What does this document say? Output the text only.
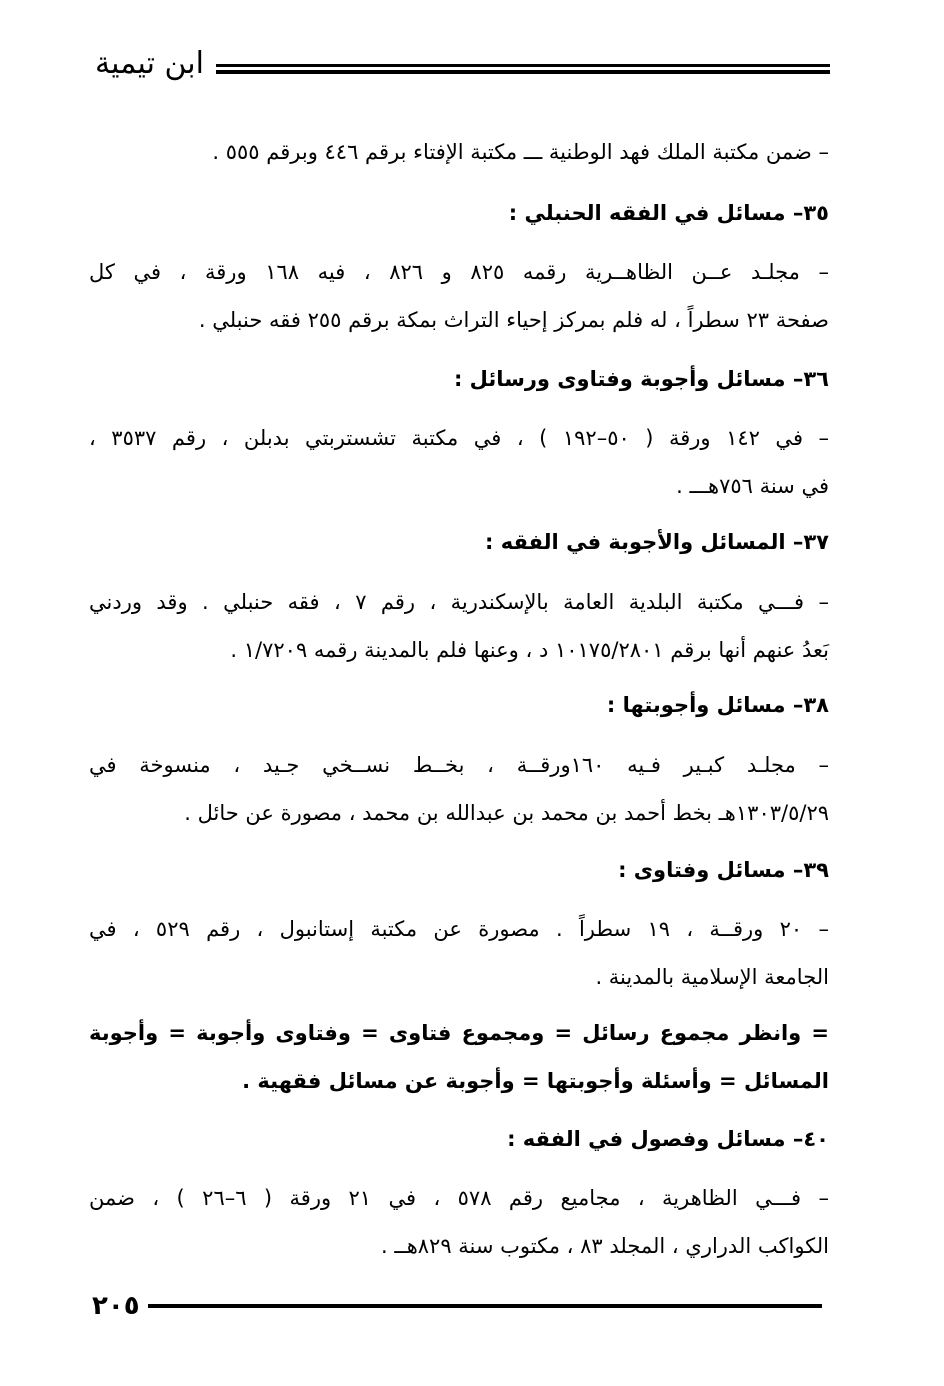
ابن تيمية
– ضمن مكتبة الملك فهد الوطنية ـــ مكتبة الإفتاء برقم ٤٤٦ وبرقم ٥٥٥ .
٣٥– مسائل في الفقه الحنبلي :
– مجلـد عــن الظاهــرية رقمه ٨٢٥ و ٨٢٦ ، فيه ١٦٨ ورقة ، في كل
صفحة ٢٣ سطراً ، له فلم بمركز إحياء التراث بمكة برقم ٢٥٥ فقه حنبلي .
٣٦– مسائل وأجوبة وفتاوى ورسائل :
– في ١٤٢ ورقة ( ٥٠–١٩٢ ) ، في مكتبة تشستربتي بدبلن ، رقم ٣٥٣٧ ،
في سنة ٧٥٦هـــ .
٣٧– المسائل والأجوبة في الفقه :
– فـــي مكتبة البلدية العامة بالإسكندرية ، رقم ٧ ، فقه حنبلي . وقد وردني
بَعدُ عنهم أنها برقم ١٠١٧٥/٢٨٠١ د ، وعنها فلم بالمدينة رقمه ١/٧٢٠٩ .
٣٨– مسائل وأجوبتها :
– مجلـد كبـير فـيه ١٦٠ورقــة ، بخــط نســخي جـيد ، منسوخة في
١٣٠٣/٥/٢٩هـ بخط أحمد بن محمد بن عبدالله بن محمد ، مصورة عن حائل .
٣٩– مسائل وفتاوى :
– ٢٠ ورقــة ، ١٩ سطراً . مصورة عن مكتبة إستانبول ، رقم ٥٢٩ ، في
الجامعة الإسلامية بالمدينة .
= وانظر مجموع رسائل = ومجموع فتاوى = وفتاوى وأجوبة = وأجوبة
المسائل = وأسئلة وأجوبتها = وأجوبة عن مسائل فقهية .
٤٠– مسائل وفصول في الفقه :
– فـــي الظاهرية ، مجاميع رقم ٥٧٨ ، في ٢١ ورقة ( ٦–٢٦ ) ، ضمن
الكواكب الدراري ، المجلد ٨٣ ، مكتوب سنة ٨٢٩هــ .
٢٠٥
